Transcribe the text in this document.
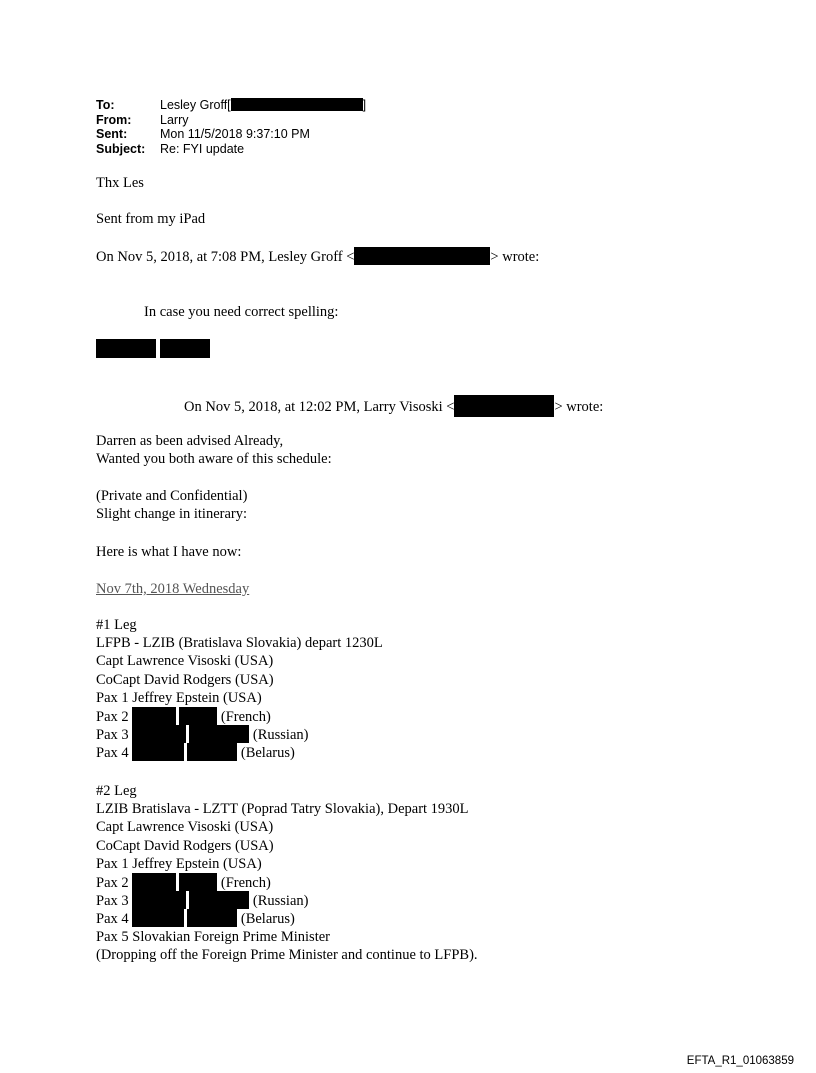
To:	Lesley Groff[	]
From:	Larry
Sent:	Mon 11/5/2018 9:37:10 PM
Subject:	Re: FYI update
Thx Les
Sent from my iPad
On Nov 5, 2018, at 7:08 PM, Lesley Groff <	> wrote:
In case you need correct spelling:
On Nov 5, 2018, at 12:02 PM, Larry Visoski <	> wrote:
Darren as been advised Already,
Wanted you both aware of this schedule:
(Private and Confidential)
Slight change in itinerary:
Here is what I have now:
Nov 7th, 2018 Wednesday
#1 Leg
LFPB - LZIB (Bratislava Slovakia) depart 1230L
Capt Lawrence Visoski (USA)
CoCapt David Rodgers (USA)
Pax 1 Jeffrey Epstein (USA)
Pax 2	(French)
Pax 3	(Russian)
Pax 4	(Belarus)
#2 Leg
LZIB Bratislava - LZTT (Poprad Tatry Slovakia), Depart 1930L
Capt Lawrence Visoski (USA)
CoCapt David Rodgers (USA)
Pax 1 Jeffrey Epstein (USA)
Pax 2	(French)
Pax 3	(Russian)
Pax 4	(Belarus)
Pax 5 Slovakian Foreign Prime Minister
(Dropping off the Foreign Prime Minister and continue to LFPB).
EFTA_R1_01063859
